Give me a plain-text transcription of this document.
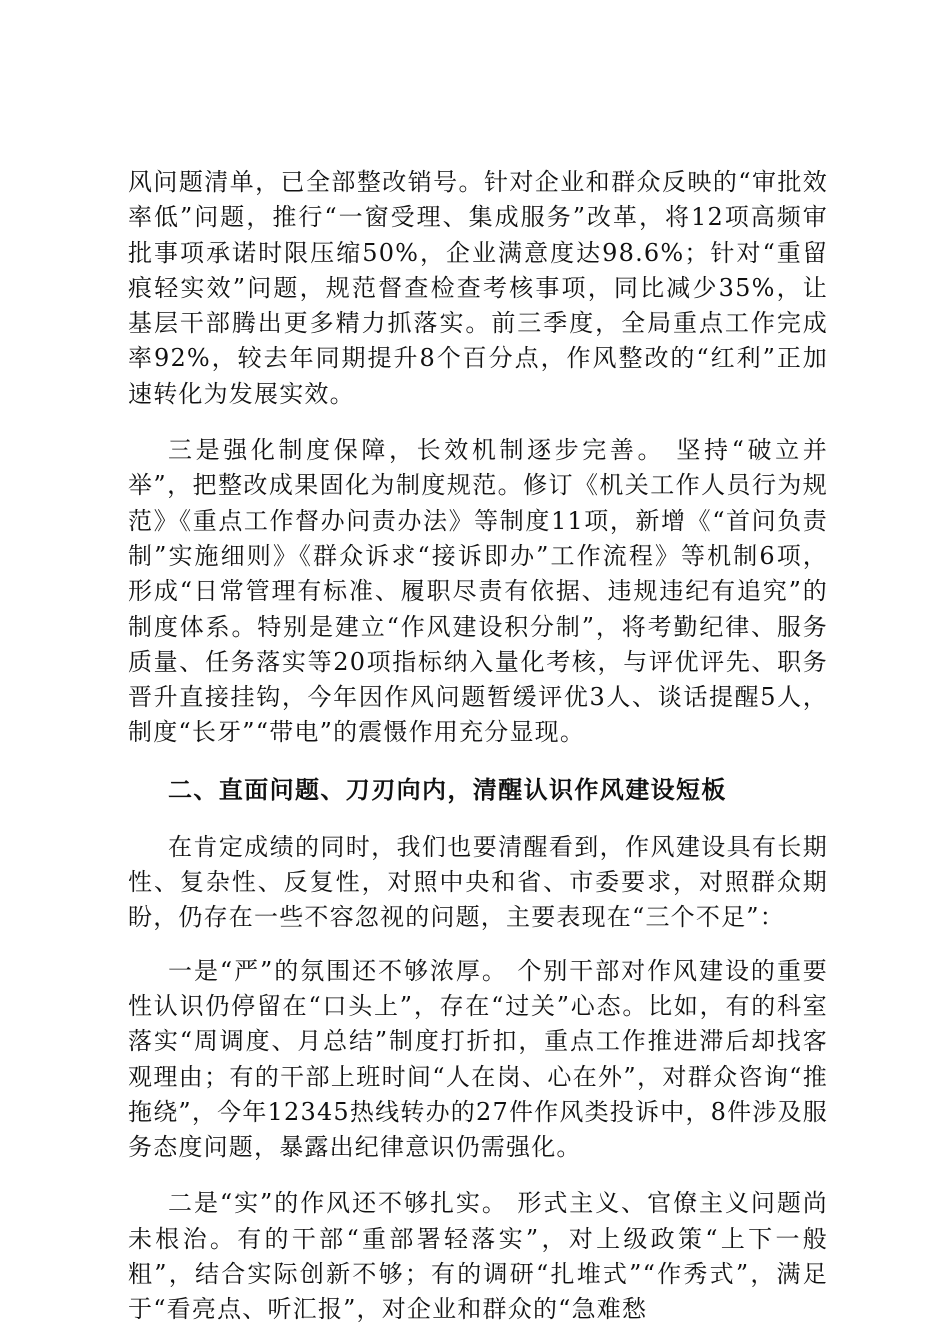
风问题清单，已全部整改销号。针对企业和群众反映的“审批效率低”问题，推行“一窗受理、集成服务”改革，将12项高频审批事项承诺时限压缩50%，企业满意度达98.6%；针对“重留痕轻实效”问题，规范督查检查考核事项，同比减少35%，让基层干部腾出更多精力抓落实。前三季度，全局重点工作完成率92%，较去年同期提升8个百分点，作风整改的“红利”正加速转化为发展实效。

三是强化制度保障，长效机制逐步完善。 坚持“破立并举”，把整改成果固化为制度规范。修订《机关工作人员行为规范》《重点工作督办问责办法》等制度11项，新增《“首问负责制”实施细则》《群众诉求“接诉即办”工作流程》等机制6项，形成“日常管理有标准、履职尽责有依据、违规违纪有追究”的制度体系。特别是建立“作风建设积分制”，将考勤纪律、服务质量、任务落实等20项指标纳入量化考核，与评优评先、职务晋升直接挂钩，今年因作风问题暂缓评优3人、谈话提醒5人，制度“长牙”“带电”的震慑作用充分显现。

二、直面问题、刀刃向内，清醒认识作风建设短板

在肯定成绩的同时，我们也要清醒看到，作风建设具有长期性、复杂性、反复性，对照中央和省、市委要求，对照群众期盼，仍存在一些不容忽视的问题，主要表现在“三个不足”：

一是“严”的氛围还不够浓厚。 个别干部对作风建设的重要性认识仍停留在“口头上”，存在“过关”心态。比如，有的科室落实“周调度、月总结”制度打折扣，重点工作推进滞后却找客观理由；有的干部上班时间“人在岗、心在外”，对群众咨询“推拖绕”，今年12345热线转办的27件作风类投诉中，8件涉及服务态度问题，暴露出纪律意识仍需强化。

二是“实”的作风还不够扎实。 形式主义、官僚主义问题尚未根治。有的干部“重部署轻落实”，对上级政策“上下一般粗”，结合实际创新不够；有的调研“扎堆式”“作秀式”，满足于“看亮点、听汇报”，对企业和群众的“急难愁
